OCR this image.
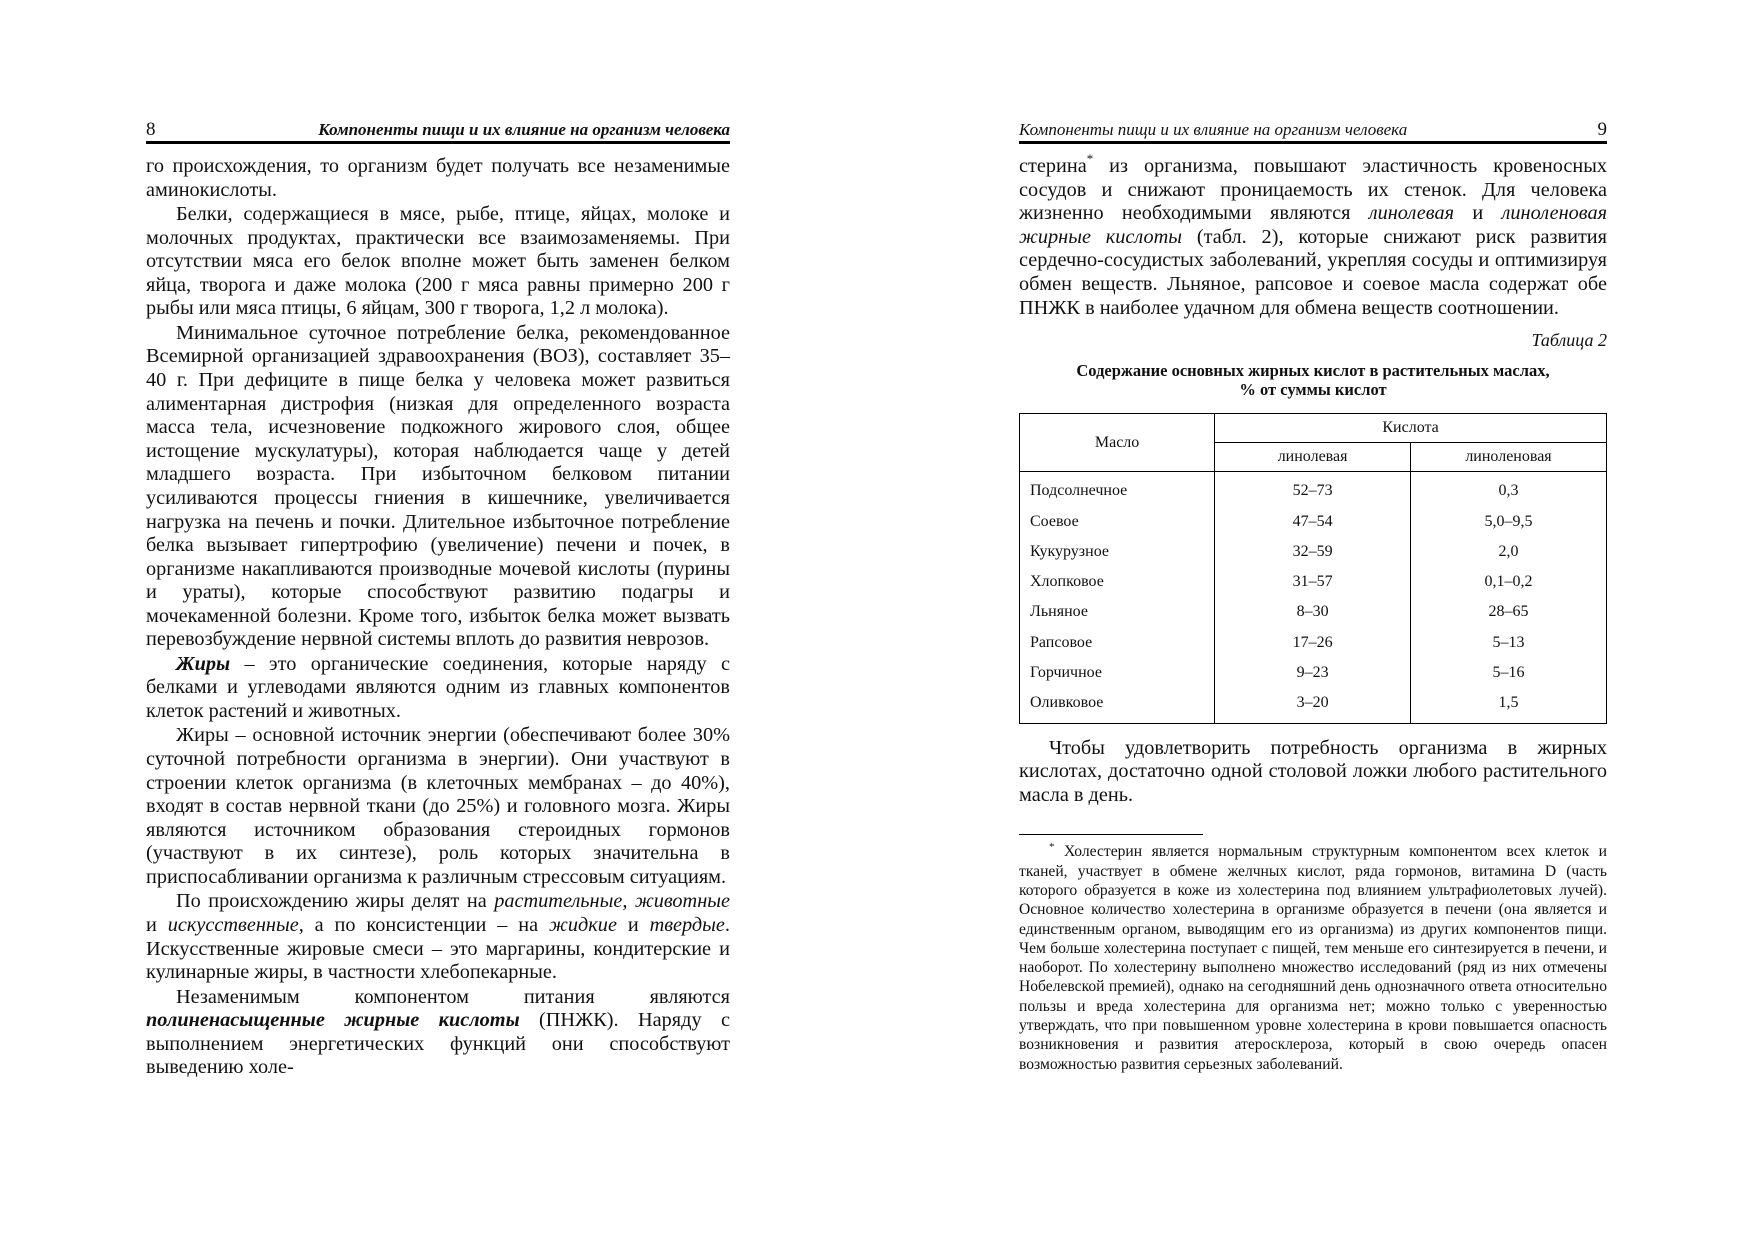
8	Компоненты пищи и их влияние на организм человека

го происхождения, то организм будет получать все незаменимые аминокислоты.

Белки, содержащиеся в мясе, рыбе, птице, яйцах, молоке и молочных продуктах, практически все взаимозаменяемы. При отсутствии мяса его белок вполне может быть заменен белком яйца, творога и даже молока (200 г мяса равны примерно 200 г рыбы или мяса птицы, 6 яйцам, 300 г творога, 1,2 л молока).

Минимальное суточное потребление белка, рекомендованное Всемирной организацией здравоохранения (ВОЗ), составляет 35–40 г. При дефиците в пище белка у человека может развиться алиментарная дистрофия (низкая для определенного возраста масса тела, исчезновение подкожного жирового слоя, общее истощение мускулатуры), которая наблюдается чаще у детей младшего возраста. При избыточном белковом питании усиливаются процессы гниения в кишечнике, увеличивается нагрузка на печень и почки. Длительное избыточное потребление белка вызывает гипертрофию (увеличение) печени и почек, в организме накапливаются производные мочевой кислоты (пурины и ураты), которые способствуют развитию подагры и мочекаменной болезни. Кроме того, избыток белка может вызвать перевозбуждение нервной системы вплоть до развития неврозов.

Жиры – это органические соединения, которые наряду с белками и углеводами являются одним из главных компонентов клеток растений и животных.

Жиры – основной источник энергии (обеспечивают более 30% суточной потребности организма в энергии). Они участвуют в строении клеток организма (в клеточных мембранах – до 40%), входят в состав нервной ткани (до 25%) и головного мозга. Жиры являются источником образования стероидных гормонов (участвуют в их синтезе), роль которых значительна в приспосабливании организма к различным стрессовым ситуациям.

По происхождению жиры делят на растительные, животные и искусственные, а по консистенции – на жидкие и твердые. Искусственные жировые смеси – это маргарины, кондитерские и кулинарные жиры, в частности хлебопекарные.

Незаменимым компонентом питания являются полиненасыщенные жирные кислоты (ПНЖК). Наряду с выполнением энергетических функций они способствуют выведению холе-

Компоненты пищи и их влияние на организм человека	9

стерина* из организма, повышают эластичность кровеносных сосудов и снижают проницаемость их стенок. Для человека жизненно необходимыми являются линолевая и линоленовая жирные кислоты (табл. 2), которые снижают риск развития сердечно-сосудистых заболеваний, укрепляя сосуды и оптимизируя обмен веществ. Льняное, рапсовое и соевое масла содержат обе ПНЖК в наиболее удачном для обмена веществ соотношении.

Таблица 2
Содержание основных жирных кислот в растительных маслах,
% от суммы кислот
Масло	Кислота	
	линолевая	линоленовая
Подсолнечное	52–73	0,3
Соевое	47–54	5,0–9,5
Кукурузное	32–59	2,0
Хлопковое	31–57	0,1–0,2
Льняное	8–30	28–65
Рапсовое	17–26	5–13
Горчичное	9–23	5–16
Оливковое	3–20	1,5

Чтобы удовлетворить потребность организма в жирных кислотах, достаточно одной столовой ложки любого растительного масла в день.

* Холестерин является нормальным структурным компонентом всех клеток и тканей, участвует в обмене желчных кислот, ряда гормонов, витамина D (часть которого образуется в коже из холестерина под влиянием ультрафиолетовых лучей). Основное количество холестерина в организме образуется в печени (она является и единственным органом, выводящим его из организма) из других компонентов пищи. Чем больше холестерина поступает с пищей, тем меньше его синтезируется в печени, и наоборот. По холестерину выполнено множество исследований (ряд из них отмечены Нобелевской премией), однако на сегодняшний день однозначного ответа относительно пользы и вреда холестерина для организма нет; можно только с уверенностью утверждать, что при повышенном уровне холестерина в крови повышается опасность возникновения и развития атеросклероза, который в свою очередь опасен возможностью развития серьезных заболеваний.
